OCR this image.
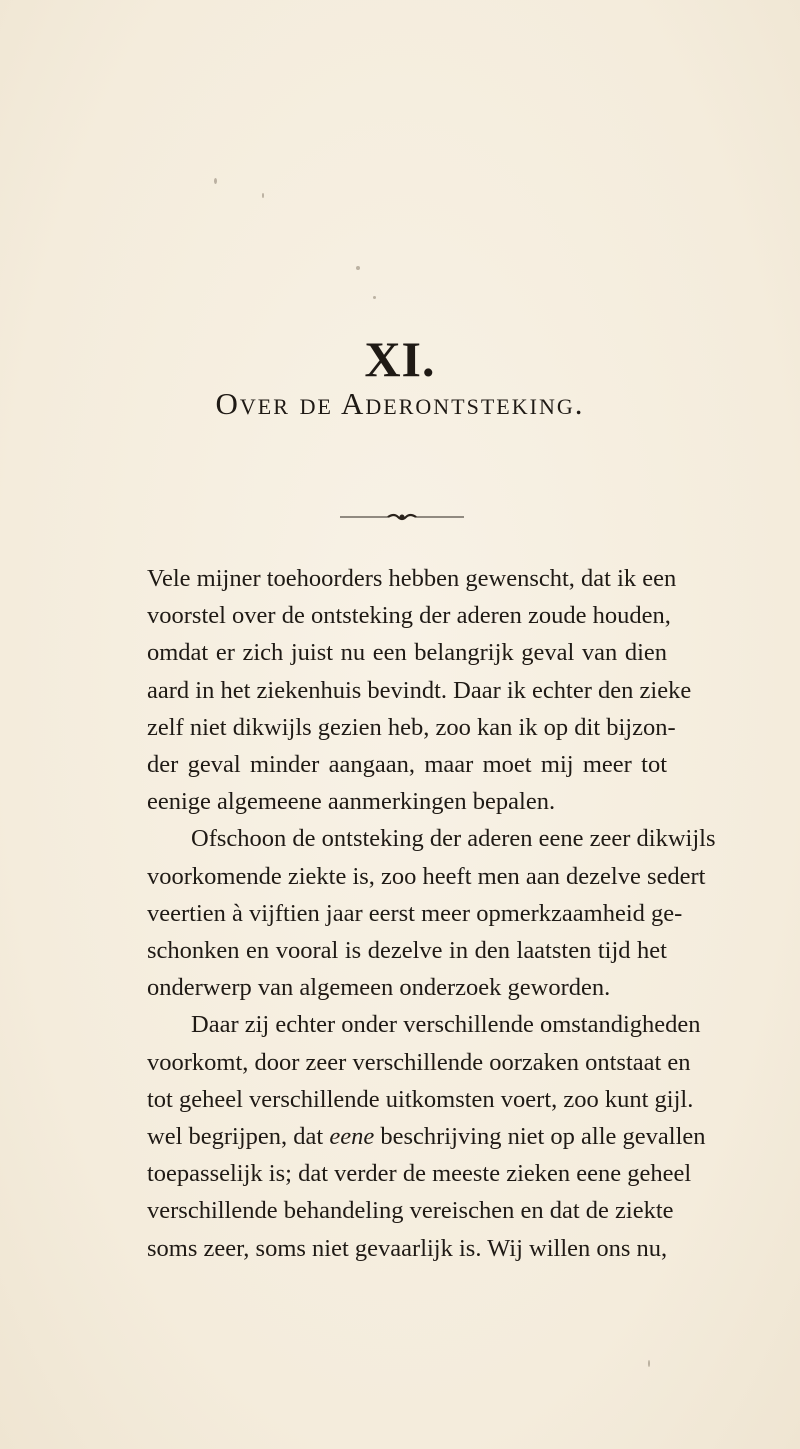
XI.
Over de Aderontsteking.
Vele mijner toehoorders hebben gewenscht, dat ik een
voorstel over de ontsteking der aderen zoude houden,
omdat er zich juist nu een belangrijk geval van dien
aard in het ziekenhuis bevindt. Daar ik echter den zieke
zelf niet dikwijls gezien heb, zoo kan ik op dit bijzon-
der geval minder aangaan, maar moet mij meer tot
eenige algemeene aanmerkingen bepalen.
Ofschoon de ontsteking der aderen eene zeer dikwijls
voorkomende ziekte is, zoo heeft men aan dezelve sedert
veertien à vijftien jaar eerst meer opmerkzaamheid ge-
schonken en vooral is dezelve in den laatsten tijd het
onderwerp van algemeen onderzoek geworden.
Daar zij echter onder verschillende omstandigheden
voorkomt, door zeer verschillende oorzaken ontstaat en
tot geheel verschillende uitkomsten voert, zoo kunt gijl.
wel begrijpen, dat eene beschrijving niet op alle gevallen
toepasselijk is; dat verder de meeste zieken eene geheel
verschillende behandeling vereischen en dat de ziekte
soms zeer, soms niet gevaarlijk is. Wij willen ons nu,
